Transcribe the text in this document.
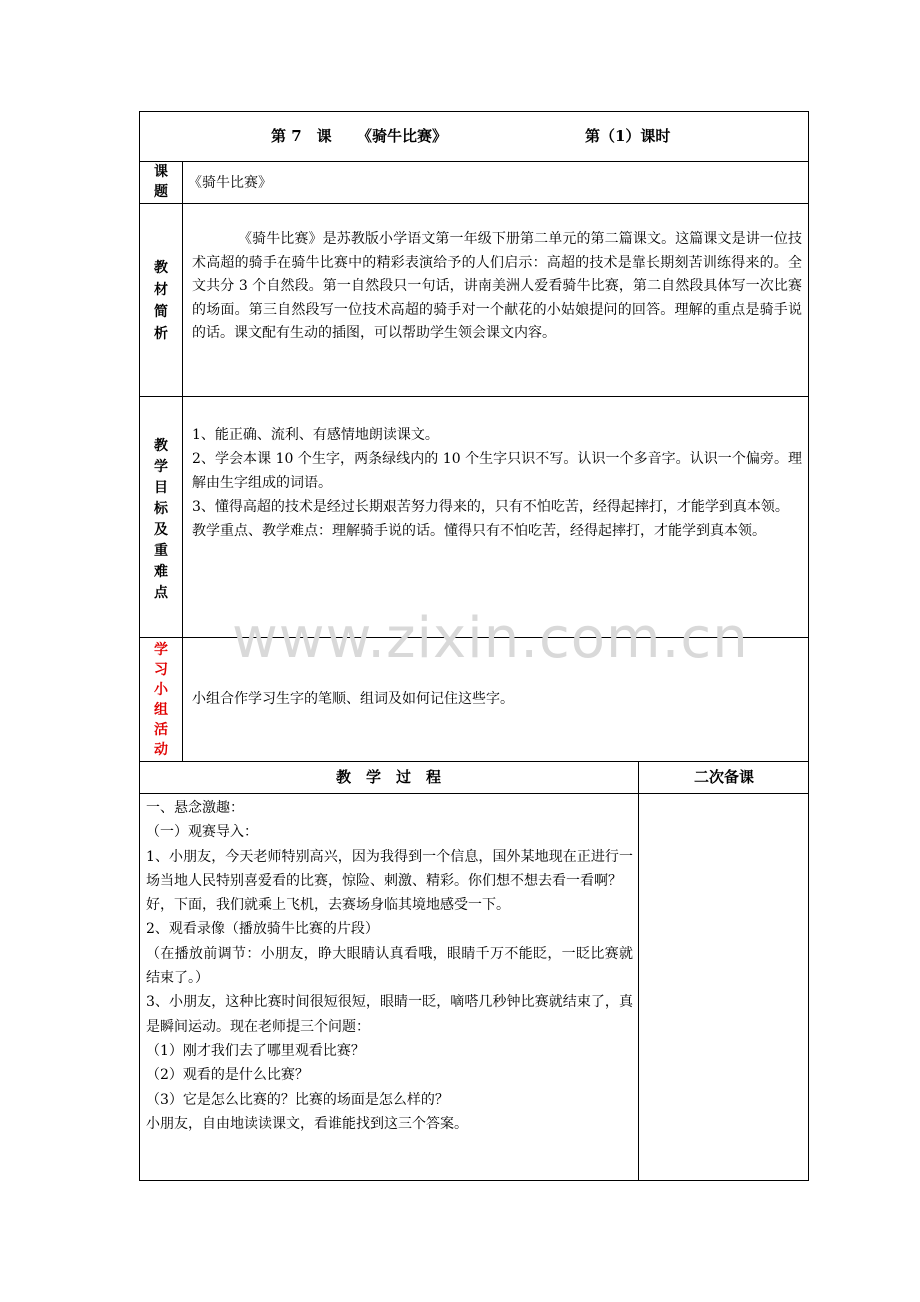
第 7　课 《骑牛比赛》	第（1）课时
课
题
《骑牛比赛》
教
材
简
析

《骑牛比赛》是苏教版小学语文第一年级下册第二单元的第二篇课文。这篇课文是讲一位技术高超的骑手在骑牛比赛中的精彩表演给予的人们启示：高超的技术是靠长期刻苦训练得来的。全文共分 3 个自然段。第一自然段只一句话，讲南美洲人爱看骑牛比赛，第二自然段具体写一次比赛的场面。第三自然段写一位技术高超的骑手对一个献花的小姑娘提问的回答。理解的重点是骑手说的话。课文配有生动的插图，可以帮助学生领会课文内容。

教
学
目
标
及
重
难
点

1、能正确、流利、有感情地朗读课文。

2、学会本课 10 个生字，两条绿线内的 10 个生字只识不写。认识一个多音字。认识一个偏旁。理解由生字组成的词语。

3、懂得高超的技术是经过长期艰苦努力得来的，只有不怕吃苦，经得起摔打，才能学到真本领。

教学重点、教学难点：理解骑手说的话。懂得只有不怕吃苦，经得起摔打，才能学到真本领。

www.zixin.com.cn
学
习
小
组
活
动
小组合作学习生字的笔顺、组词及如何记住这些字。
教　学　过　程	二次备课

一、悬念激趣：

（一）观赛导入：

1、小朋友，今天老师特别高兴，因为我得到一个信息，国外某地现在正进行一场当地人民特别喜爱看的比赛，惊险、刺激、精彩。你们想不想去看一看啊？

好，下面，我们就乘上飞机，去赛场身临其境地感受一下。

2、观看录像（播放骑牛比赛的片段）

（在播放前调节：小朋友，睁大眼睛认真看哦，眼睛千万不能眨，一眨比赛就结束了。）

3、小朋友，这种比赛时间很短很短，眼睛一眨，嘀嗒几秒钟比赛就结束了，真是瞬间运动。现在老师提三个问题：

（1）刚才我们去了哪里观看比赛？

（2）观看的是什么比赛？

（3）它是怎么比赛的？比赛的场面是怎么样的？

小朋友，自由地读读课文，看谁能找到这三个答案。
